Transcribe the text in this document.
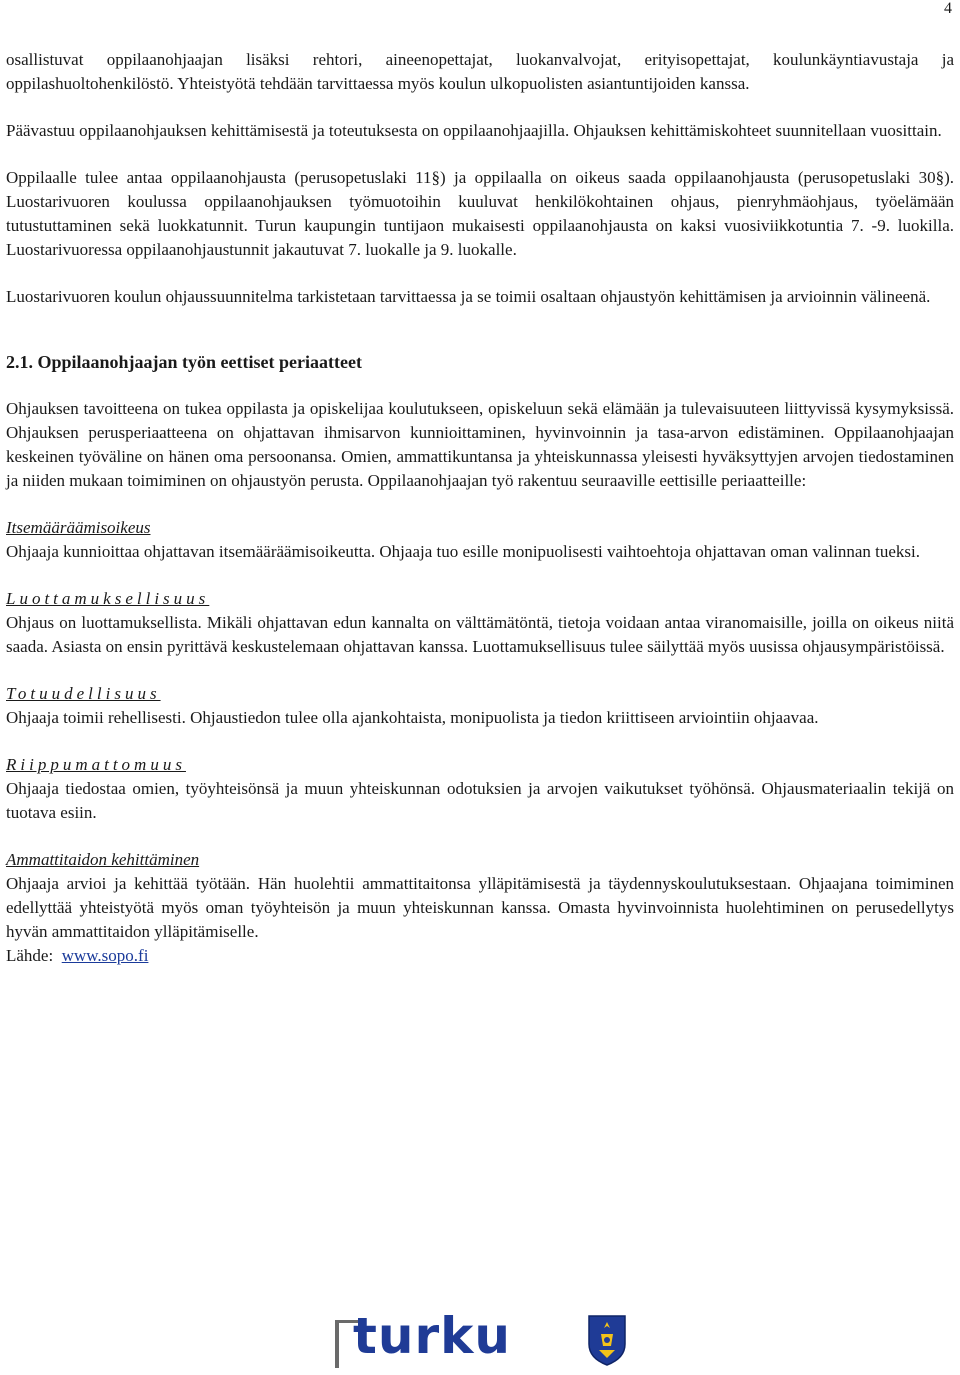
4

osallistuvat oppilaanohjaajan lisäksi rehtori, aineenopettajat, luokanvalvojat, erityisopettajat, koulunkäyntiavustaja ja oppilashuoltohenkilöstö. Yhteistyötä tehdään tarvittaessa myös koulun ulkopuolisten asiantuntijoiden kanssa.

Päävastuu oppilaanohjauksen kehittämisestä ja toteutuksesta on oppilaanohjaajilla. Ohjauksen kehittämiskohteet suunnitellaan vuosittain.

Oppilaalle tulee antaa oppilaanohjausta (perusopetuslaki 11§) ja oppilaalla on oikeus saada oppilaanohjausta (perusopetuslaki 30§). Luostarivuoren koulussa oppilaanohjauksen työmuotoihin kuuluvat henkilökohtainen ohjaus, pienryhmäohjaus, työelämään tutustuttaminen sekä luokkatunnit. Turun kaupungin tuntijaon mukaisesti oppilaanohjausta on kaksi vuosiviikkotuntia 7. -9. luokilla. Luostarivuoressa oppilaanohjaustunnit jakautuvat 7. luokalle ja 9. luokalle.

Luostarivuoren koulun ohjaussuunnitelma tarkistetaan tarvittaessa ja se toimii osaltaan ohjaustyön kehittämisen ja arvioinnin välineenä.

2.1. Oppilaanohjaajan työn eettiset periaatteet

Ohjauksen tavoitteena on tukea oppilasta ja opiskelijaa koulutukseen, opiskeluun sekä elämään ja tulevaisuuteen liittyvissä kysymyksissä. Ohjauksen perusperiaatteena on ohjattavan ihmisarvon kunnioittaminen, hyvinvoinnin ja tasa-arvon edistäminen. Oppilaanohjaajan keskeinen työväline on hänen oma persoonansa. Omien, ammattikuntansa ja yhteiskunnassa yleisesti hyväksyttyjen arvojen tiedostaminen ja niiden mukaan toimiminen on ohjaustyön perusta. Oppilaanohjaajan työ rakentuu seuraaville eettisille periaatteille:

Itsemääräämisoikeus

Ohjaaja kunnioittaa ohjattavan itsemääräämisoikeutta. Ohjaaja tuo esille monipuolisesti vaihtoehtoja ohjattavan oman valinnan tueksi.

Luottamuksellisuus

Ohjaus on luottamuksellista. Mikäli ohjattavan edun kannalta on välttämätöntä, tietoja voidaan antaa viranomaisille, joilla on oikeus niitä saada. Asiasta on ensin pyrittävä keskustelemaan ohjattavan kanssa. Luottamuksellisuus tulee säilyttää myös uusissa ohjausympäristöissä.

Totuudellisuus

Ohjaaja toimii rehellisesti. Ohjaustiedon tulee olla ajankohtaista, monipuolista ja tiedon kriittiseen arviointiin ohjaavaa.

Riippumattomuus

Ohjaaja tiedostaa omien, työyhteisönsä ja muun yhteiskunnan odotuksien ja arvojen vaikutukset työhönsä. Ohjausmateriaalin tekijä on tuotava esiin.

Ammattitaidon kehittäminen

Ohjaaja arvioi ja kehittää työtään. Hän huolehtii ammattitaitonsa ylläpitämisestä ja täydennyskoulutuksestaan. Ohjaajana toimiminen edellyttää yhteistyötä myös oman työyhteisön ja muun yhteiskunnan kanssa. Omasta hyvinvoinnista huolehtiminen on perusedellytys hyvän ammattitaidon ylläpitämiselle.

Lähde: www.sopo.fi

turku
